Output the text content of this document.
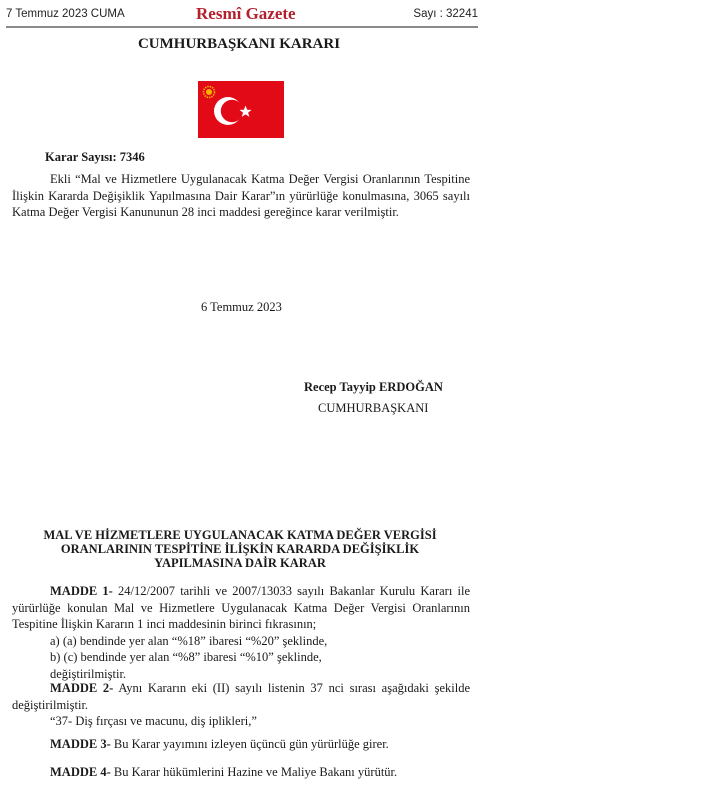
7 Temmuz 2023 CUMA	Resmî Gazete	Sayı : 32241
CUMHURBAŞKANI KARARI
Karar Sayısı: 7346

Ekli “Mal ve Hizmetlere Uygulanacak Katma Değer Vergisi Oranlarının Tespitine İlişkin Kararda Değişiklik Yapılmasına Dair Karar”ın yürürlüğe konulmasına, 3065 sayılı Katma Değer Vergisi Kanununun 28 inci maddesi gereğince karar verilmiştir.

6 Temmuz 2023
Recep Tayyip ERDOĞAN
CUMHURBAŞKANI
MAL VE HİZMETLERE UYGULANACAK KATMA DEĞER VERGİSİ
ORANLARININ TESPİTİNE İLİŞKİN KARARDA DEĞİŞİKLİK
YAPILMASINA DAİR KARAR
MADDE 1- 24/12/2007 tarihli ve 2007/13033 sayılı Bakanlar Kurulu Kararı ile yürürlüğe konulan Mal ve Hizmetlere Uygulanacak Katma Değer Vergisi Oranlarının Tespitine İlişkin Kararın 1 inci maddesinin birinci fıkrasının;
a) (a) bendinde yer alan “%18” ibaresi “%20” şeklinde,
b) (c) bendinde yer alan “%8” ibaresi “%10” şeklinde,
değiştirilmiştir.
MADDE 2- Aynı Kararın eki (II) sayılı listenin 37 nci sırası aşağıdaki şekilde değiştirilmiştir.
“37- Diş fırçası ve macunu, diş iplikleri,”
MADDE 3- Bu Karar yayımını izleyen üçüncü gün yürürlüğe girer.
MADDE 4- Bu Karar hükümlerini Hazine ve Maliye Bakanı yürütür.
